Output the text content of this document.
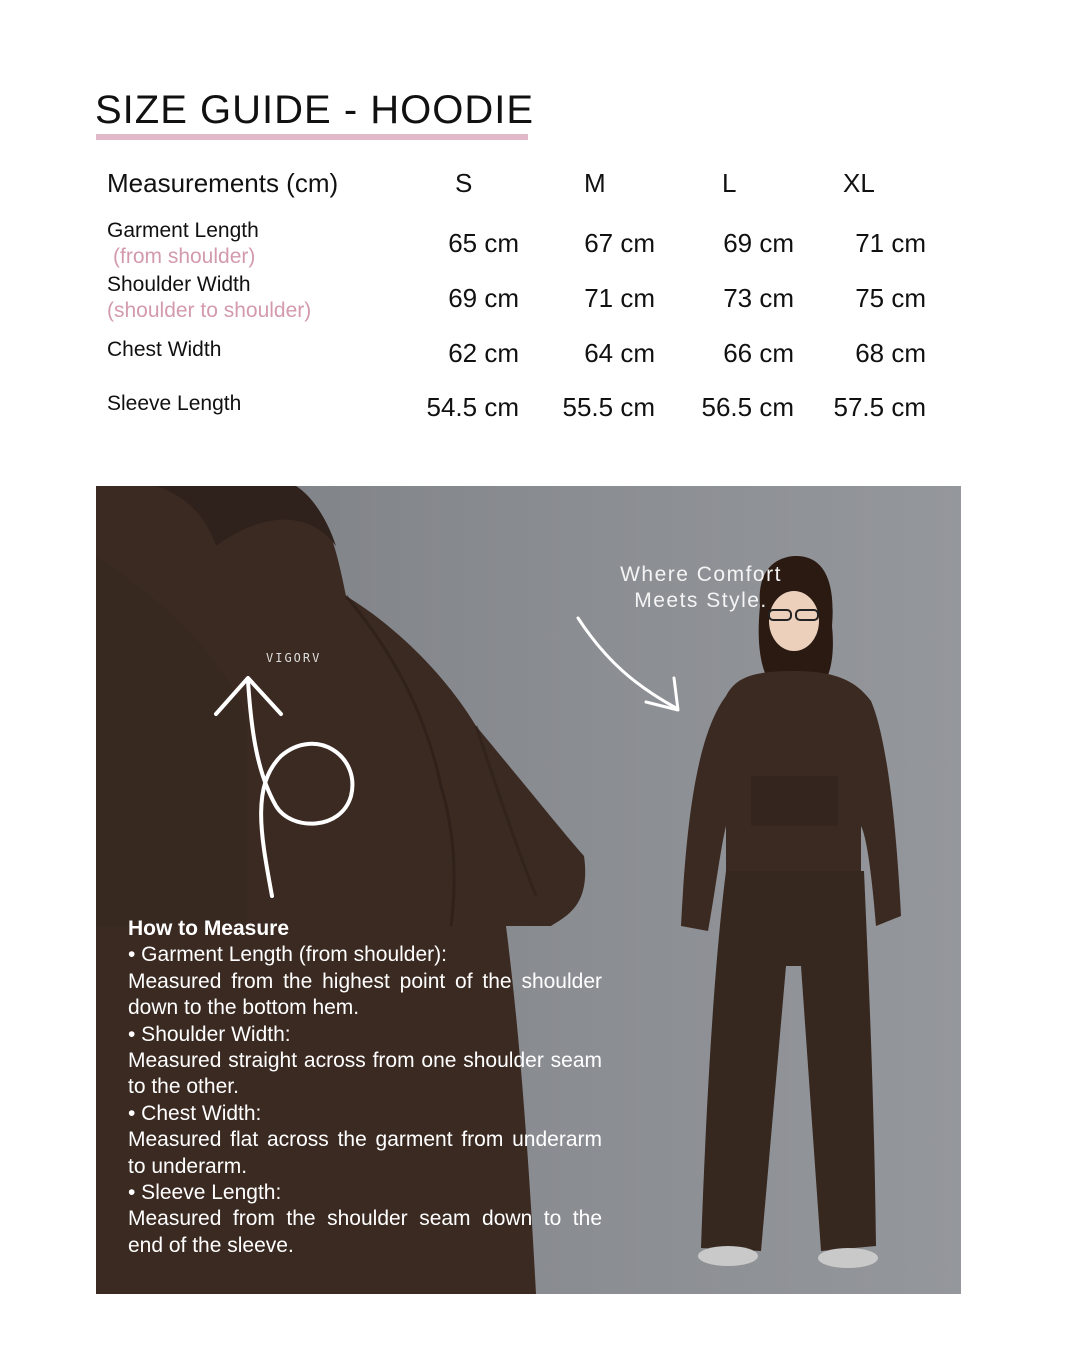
SIZE GUIDE - HOODIE
Measurements (cm)	S	M	L	XL
Garment Length
(from shoulder)	65 cm	67 cm	69 cm	71 cm
Shoulder Width
(shoulder to shoulder)	69 cm	71 cm	73 cm	75 cm
Chest Width	62 cm	64 cm	66 cm	68 cm
Sleeve Length	54.5 cm	55.5 cm	56.5 cm	57.5 cm
VIGORV
Where Comfort
Meets Style.
How to Measure
• Garment Length (from shoulder):
Measured from the highest point of the shoulder down to the bottom hem.
• Shoulder Width:
Measured straight across from one shoulder seam to the other.
• Chest Width:
Measured flat across the garment from underarm to underarm.
• Sleeve Length:
Measured from the shoulder seam down to the end of the sleeve.
